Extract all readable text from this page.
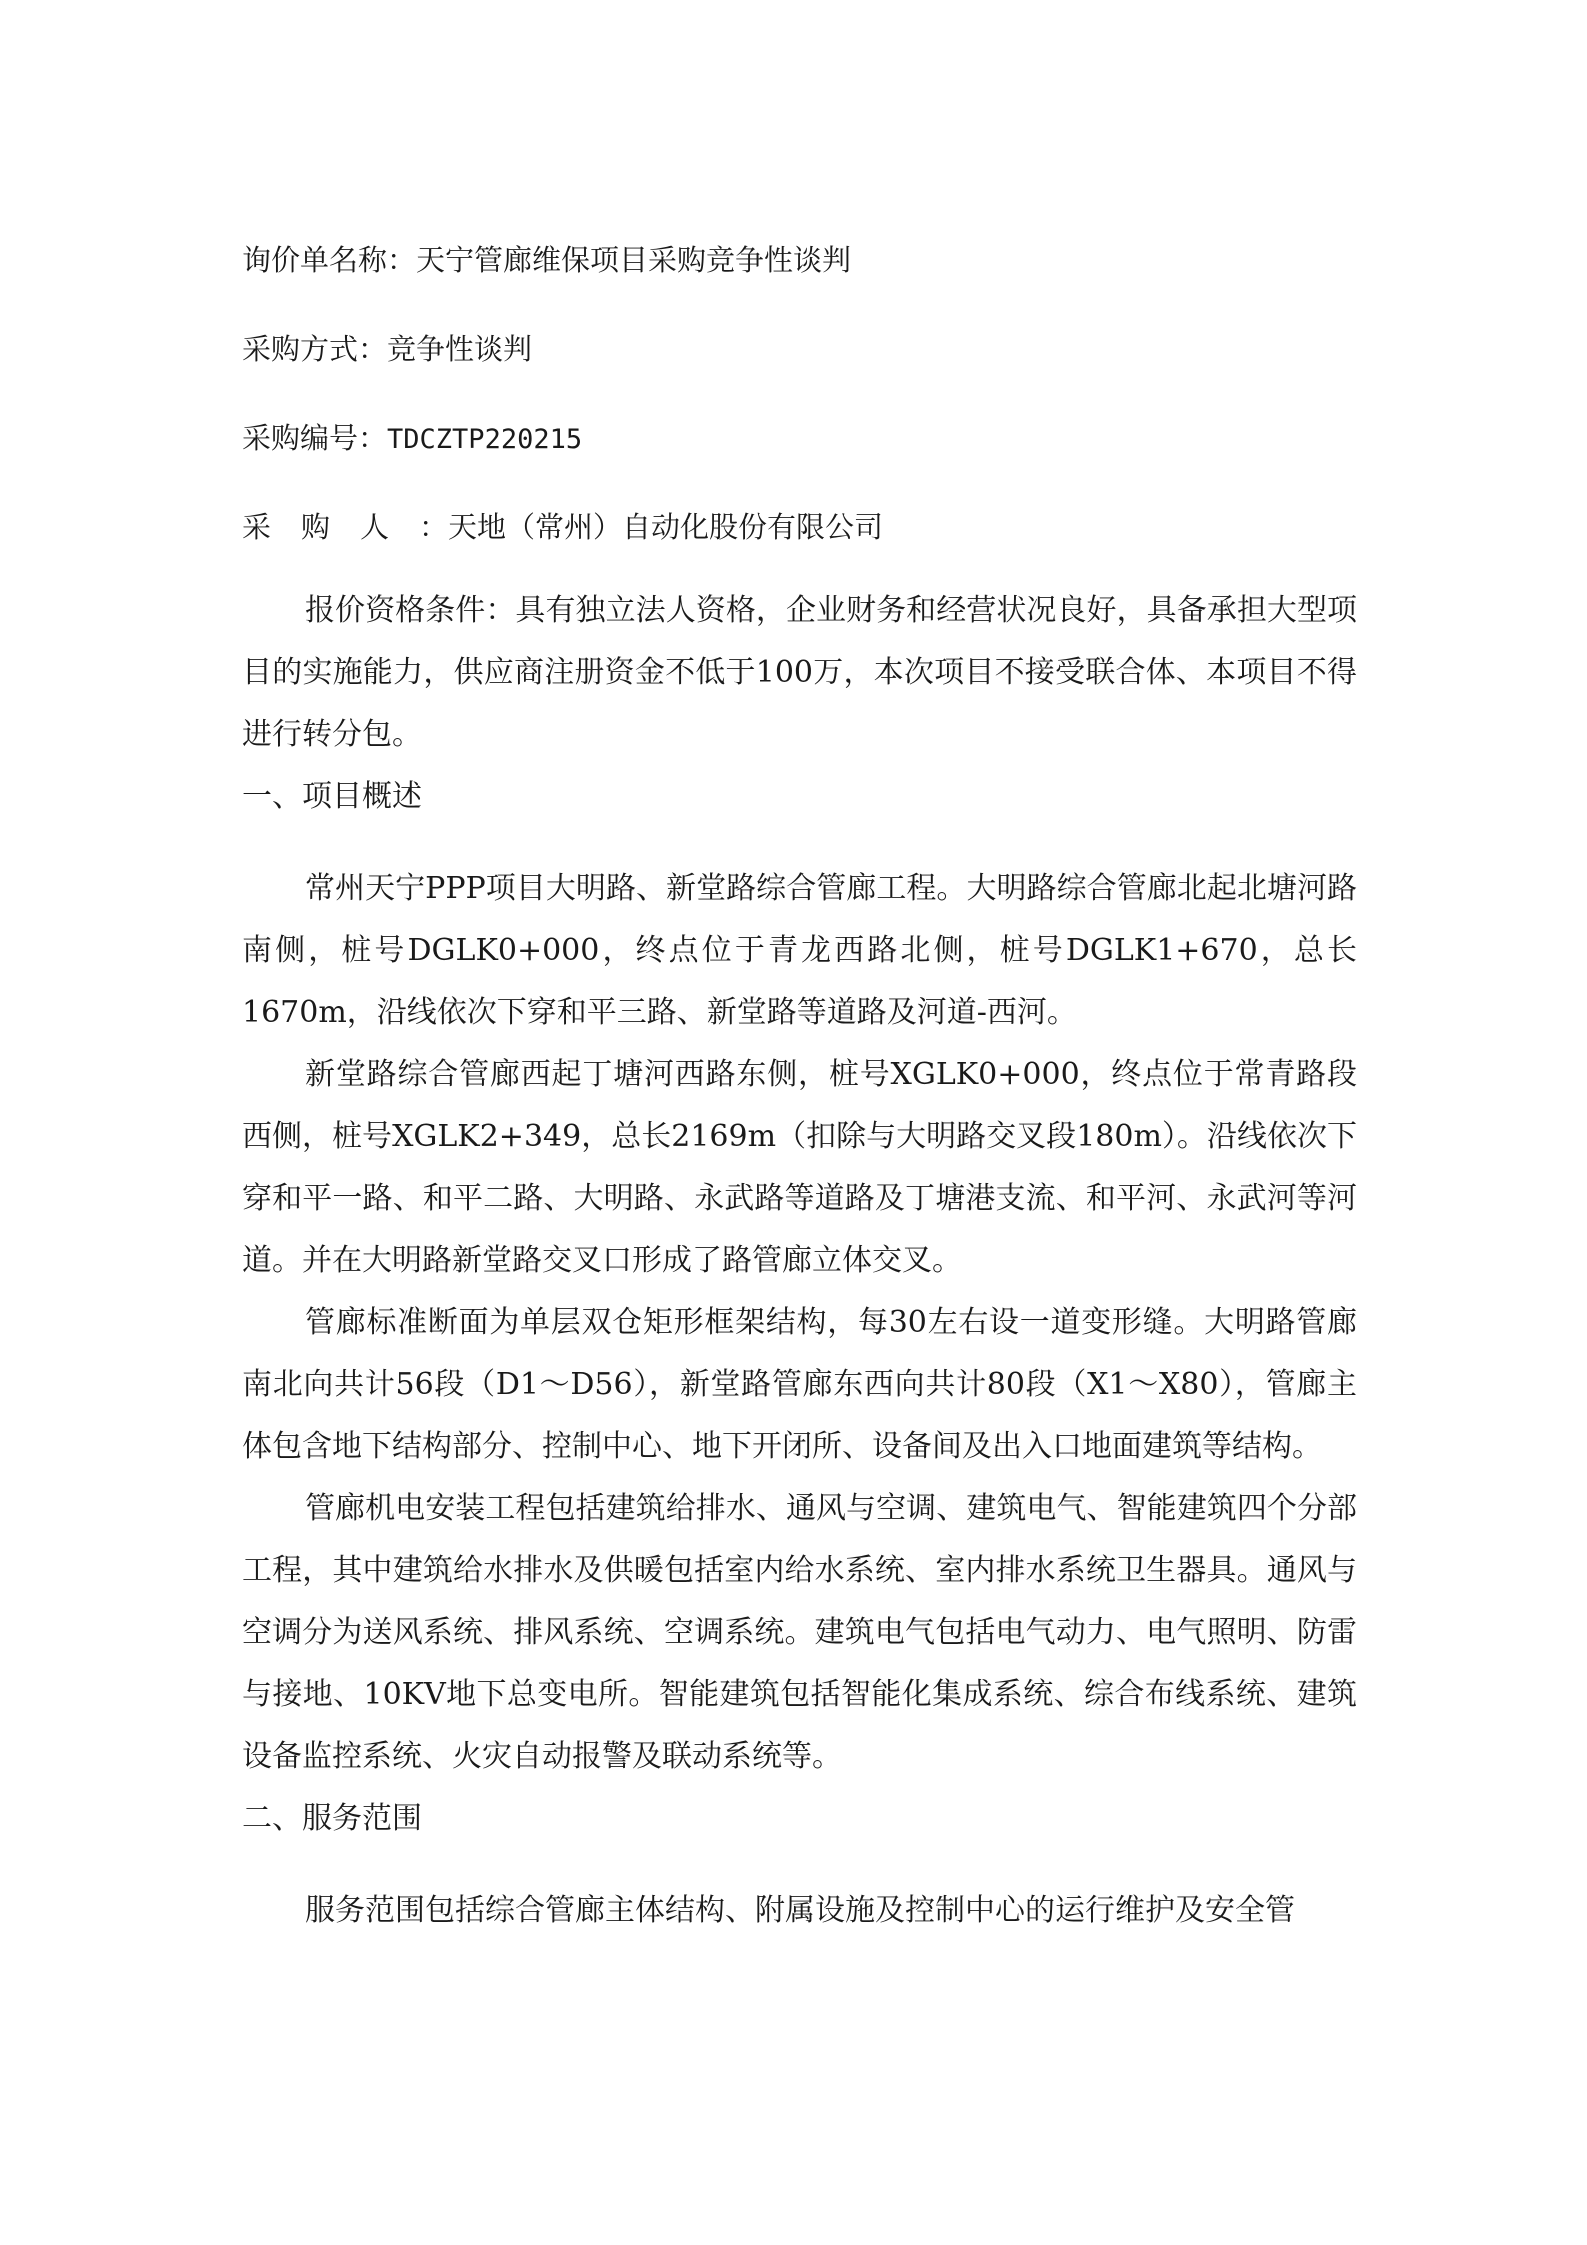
询价单名称：天宁管廊维保项目采购竞争性谈判
采购方式：竞争性谈判
采购编号：TDCZTP220215
采购人：天地（常州）自动化股份有限公司

报价资格条件：具有独立法人资格，企业财务和经营状况良好，具备承担大型项目的实施能力，供应商注册资金不低于100万，本次项目不接受联合体、本项目不得进行转分包。

一、项目概述

常州天宁PPP项目大明路、新堂路综合管廊工程。大明路综合管廊北起北塘河路南侧，桩号DGLK0+000，终点位于青龙西路北侧，桩号DGLK1+670，总长1670m，沿线依次下穿和平三路、新堂路等道路及河道-西河。

新堂路综合管廊西起丁塘河西路东侧，桩号XGLK0+000，终点位于常青路段西侧，桩号XGLK2+349，总长2169m（扣除与大明路交叉段180m）。沿线依次下穿和平一路、和平二路、大明路、永武路等道路及丁塘港支流、和平河、永武河等河道。并在大明路新堂路交叉口形成了路管廊立体交叉。

管廊标准断面为单层双仓矩形框架结构，每30左右设一道变形缝。大明路管廊南北向共计56段（D1～D56），新堂路管廊东西向共计80段（X1～X80），管廊主体包含地下结构部分、控制中心、地下开闭所、设备间及出入口地面建筑等结构。

管廊机电安装工程包括建筑给排水、通风与空调、建筑电气、智能建筑四个分部工程，其中建筑给水排水及供暖包括室内给水系统、室内排水系统卫生器具。通风与空调分为送风系统、排风系统、空调系统。建筑电气包括电气动力、电气照明、防雷与接地、10KV地下总变电所。智能建筑包括智能化集成系统、综合布线系统、建筑设备监控系统、火灾自动报警及联动系统等。

二、服务范围

服务范围包括综合管廊主体结构、附属设施及控制中心的运行维护及安全管
